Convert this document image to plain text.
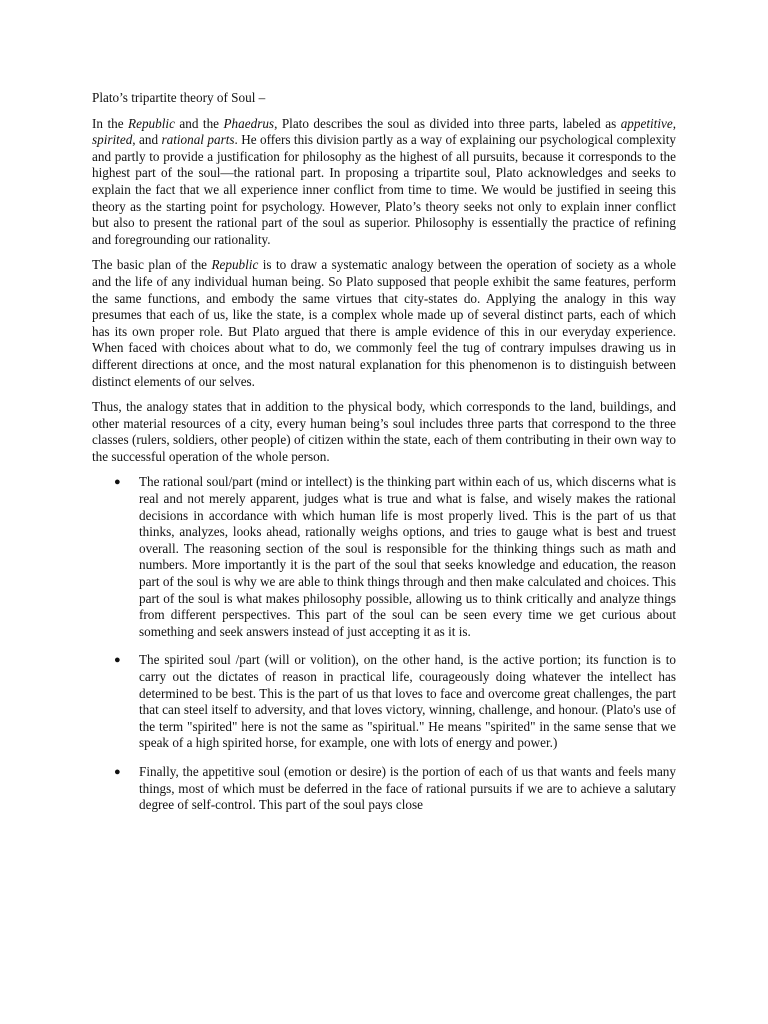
Plato’s tripartite theory of Soul –

In the Republic and the Phaedrus, Plato describes the soul as divided into three parts, labeled as appetitive, spirited, and rational parts. He offers this division partly as a way of explaining our psychological complexity and partly to provide a justification for philosophy as the highest of all pursuits, because it corresponds to the highest part of the soul—the rational part. In proposing a tripartite soul, Plato acknowledges and seeks to explain the fact that we all experience inner conflict from time to time. We would be justified in seeing this theory as the starting point for psychology. However, Plato’s theory seeks not only to explain inner conflict but also to present the rational part of the soul as superior. Philosophy is essentially the practice of refining and foregrounding our rationality.

The basic plan of the Republic is to draw a systematic analogy between the operation of society as a whole and the life of any individual human being. So Plato supposed that people exhibit the same features, perform the same functions, and embody the same virtues that city-states do. Applying the analogy in this way presumes that each of us, like the state, is a complex whole made up of several distinct parts, each of which has its own proper role. But Plato argued that there is ample evidence of this in our everyday experience. When faced with choices about what to do, we commonly feel the tug of contrary impulses drawing us in different directions at once, and the most natural explanation for this phenomenon is to distinguish between distinct elements of our selves.

Thus, the analogy states that in addition to the physical body, which corresponds to the land, buildings, and other material resources of a city, every human being’s soul includes three parts that correspond to the three classes (rulers, soldiers, other people) of citizen within the state, each of them contributing in their own way to the successful operation of the whole person.

● The rational soul/part (mind or intellect) is the thinking part within each of us, which discerns what is real and not merely apparent, judges what is true and what is false, and wisely makes the rational decisions in accordance with which human life is most properly lived. This is the part of us that thinks, analyzes, looks ahead, rationally weighs options, and tries to gauge what is best and truest overall. The reasoning section of the soul is responsible for the thinking things such as math and numbers. More importantly it is the part of the soul that seeks knowledge and education, the reason part of the soul is why we are able to think things through and then make calculated and choices. This part of the soul is what makes philosophy possible, allowing us to think critically and analyze things from different perspectives. This part of the soul can be seen every time we get curious about something and seek answers instead of just accepting it as it is.
● The spirited soul /part (will or volition), on the other hand, is the active portion; its function is to carry out the dictates of reason in practical life, courageously doing whatever the intellect has determined to be best. This is the part of us that loves to face and overcome great challenges, the part that can steel itself to adversity, and that loves victory, winning, challenge, and honour. (Plato's use of the term "spirited" here is not the same as "spiritual." He means "spirited" in the same sense that we speak of a high spirited horse, for example, one with lots of energy and power.)
● Finally, the appetitive soul (emotion or desire) is the portion of each of us that wants and feels many things, most of which must be deferred in the face of rational pursuits if we are to achieve a salutary degree of self-control. This part of the soul pays close
